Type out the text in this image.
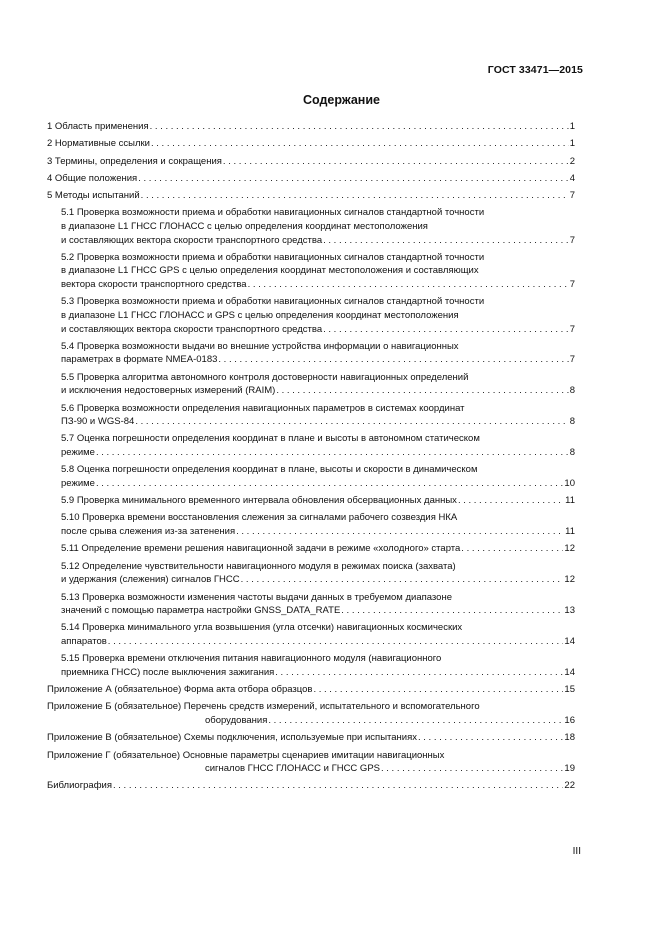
ГОСТ 33471—2015
Содержание
1 Область применения . . .	1
2 Нормативные ссылки . . .	1
3 Термины, определения и сокращения . . .	2
4 Общие положения . . .	4
5 Методы испытаний . . .	7
5.1 Проверка возможности приема и обработки навигационных сигналов стандартной точности
в диапазоне L1 ГНСС ГЛОНАСС с целью определения координат местоположения
и составляющих вектора скорости транспортного средства . . .	7
5.2 Проверка возможности приема и обработки навигационных сигналов стандартной точности
в диапазоне L1 ГНСС GPS с целью определения координат местоположения и составляющих
вектора скорости транспортного средства . . .	7
5.3 Проверка возможности приема и обработки навигационных сигналов стандартной точности
в диапазоне L1 ГНСС ГЛОНАСС и GPS с целью определения координат местоположения
и составляющих вектора скорости транспортного средства . . .	7
5.4 Проверка возможности выдачи во внешние устройства информации о навигационных
параметрах в формате NMEA-0183 . . .	7
5.5 Проверка алгоритма автономного контроля достоверности навигационных определений
и исключения недостоверных измерений (RAIM) . . .	8
5.6 Проверка возможности определения навигационных параметров в системах координат
ПЗ-90 и WGS-84 . . .	8
5.7 Оценка погрешности определения координат в плане и высоты в автономном статическом
режиме . . .	8
5.8 Оценка погрешности определения координат в плане, высоты и скорости в динамическом
режиме . . .	10
5.9 Проверка минимального временного интервала обновления обсервационных данных . . .	11
5.10 Проверка времени восстановления слежения за сигналами рабочего созвездия НКА
после срыва слежения из-за затенения . . .	11
5.11 Определение времени решения навигационной задачи в режиме «холодного» старта . . .	12
5.12 Определение чувствительности навигационного модуля в режимах поиска (захвата)
и удержания (слежения) сигналов ГНСС . . .	12
5.13 Проверка возможности изменения частоты выдачи данных в требуемом диапазоне
значений с помощью параметра настройки GNSS_DATA_RATE . . .	13
5.14 Проверка минимального угла возвышения (угла отсечки) навигационных космических
аппаратов . . .	14
5.15 Проверка времени отключения питания навигационного модуля (навигационного
приемника ГНСС) после выключения зажигания . . .	14
Приложение А (обязательное) Форма акта отбора образцов . . .	15
Приложение Б (обязательное) Перечень средств измерений, испытательного и вспомогательного
оборудования . . .	16
Приложение В (обязательное) Схемы подключения, используемые при испытаниях . . .	18
Приложение Г (обязательное) Основные параметры сценариев имитации навигационных
сигналов ГНСС ГЛОНАСС и ГНСС GPS . . .	19
Библиография . . .	22
III
